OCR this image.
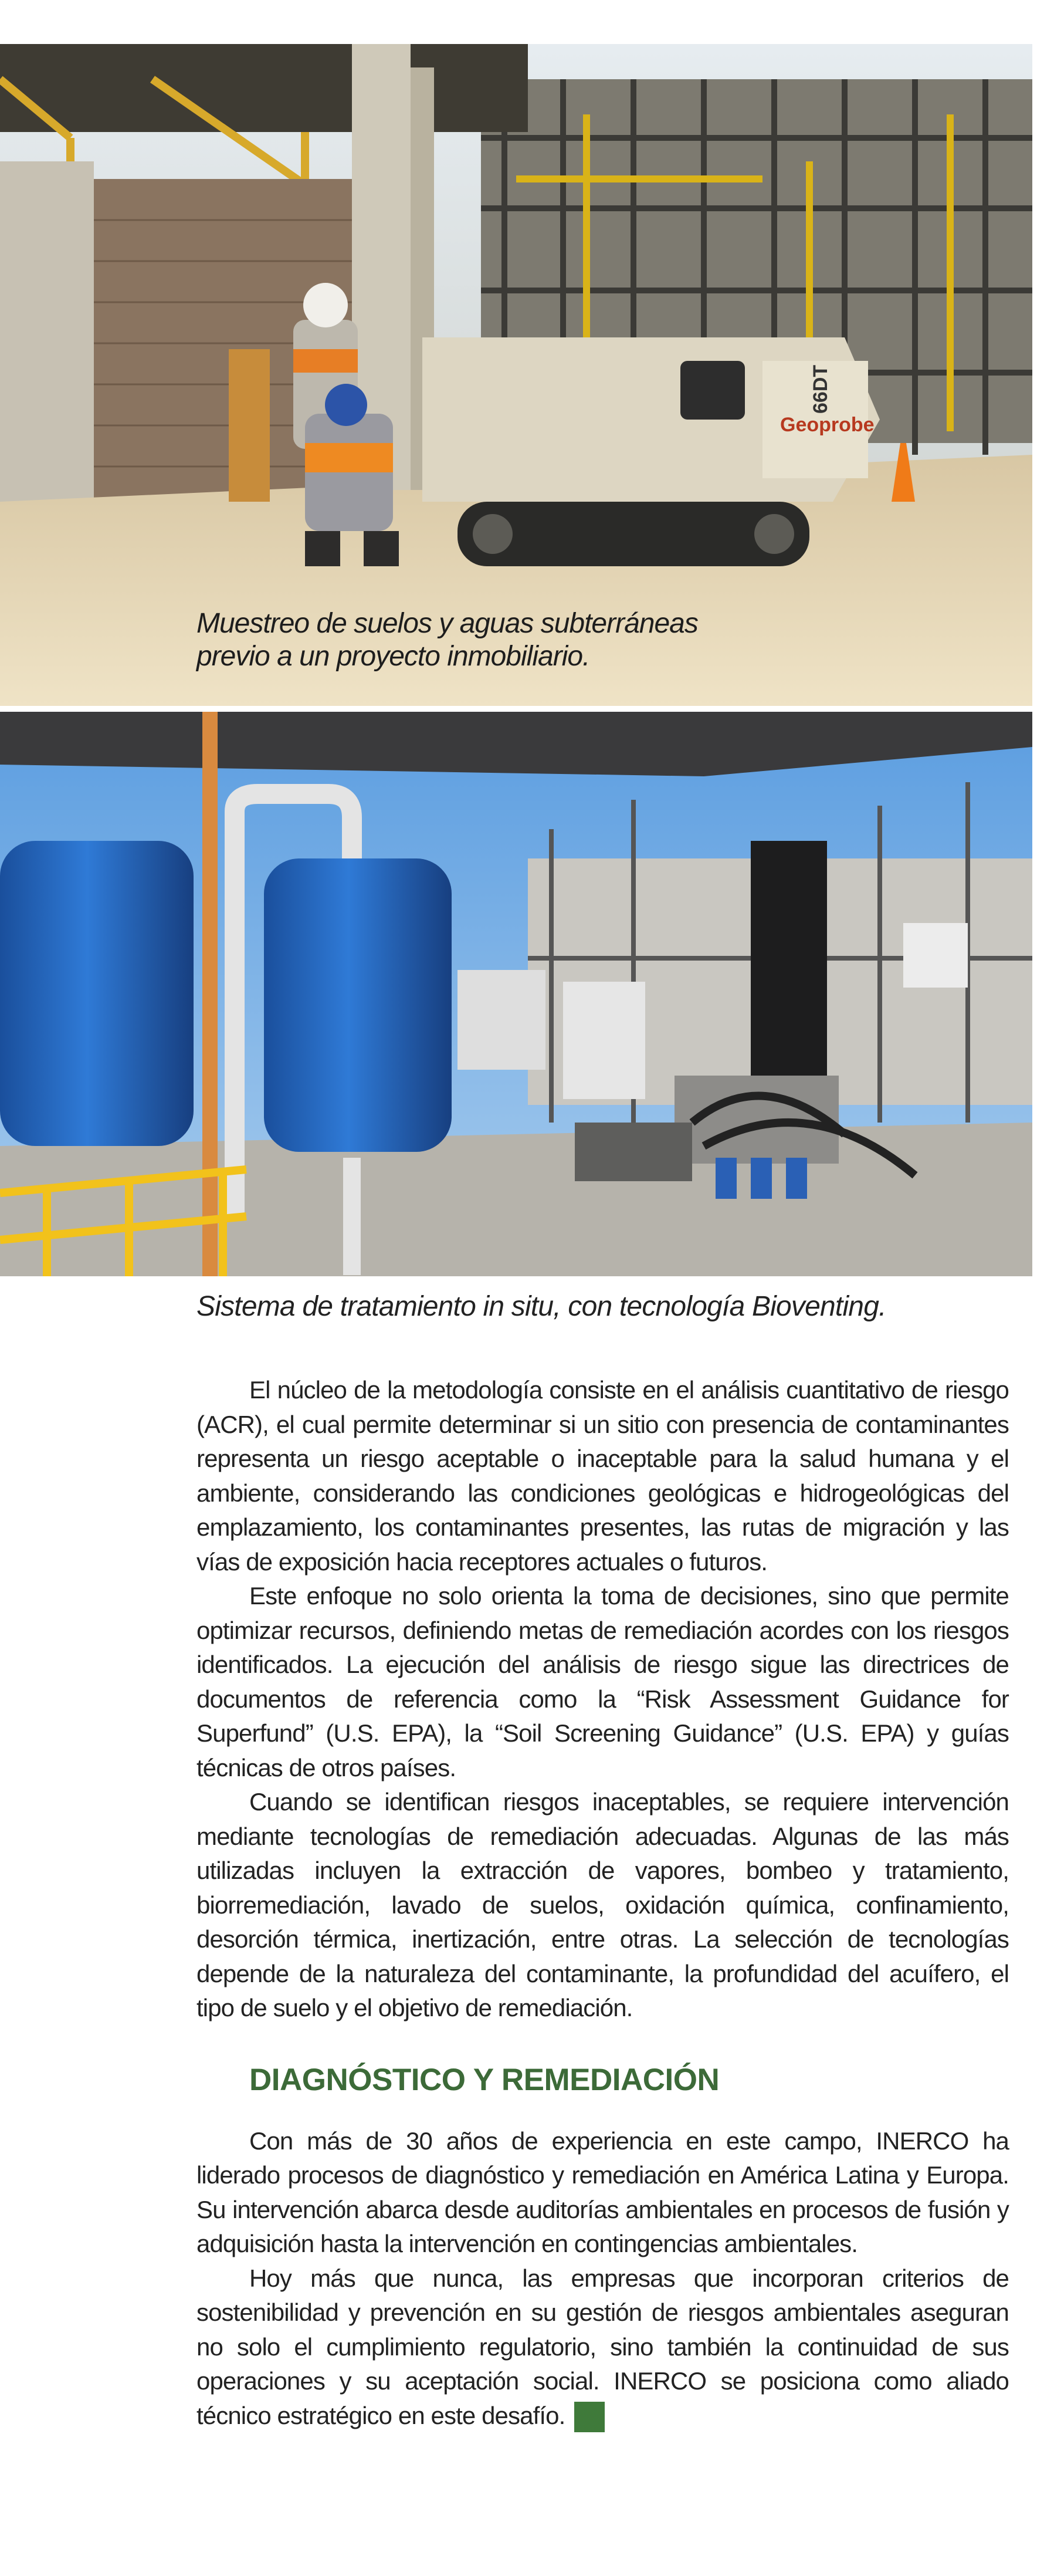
Geoprobe
66DT
Muestreo de suelos y aguas subterráneas
previo a un proyecto inmobiliario.
Sistema de tratamiento in situ, con tecnología Bioventing.

El núcleo de la metodología consiste en el análisis cuantitativo de riesgo (ACR), el cual permite determinar si un sitio con presencia de contaminantes representa un riesgo aceptable o inaceptable para la salud humana y el ambiente, considerando las condiciones geológicas e hidrogeológicas del emplazamiento, los contaminantes presentes, las rutas de migración y las vías de exposición hacia receptores actuales o futuros.

Este enfoque no solo orienta la toma de decisiones, sino que permite optimizar recursos, definiendo metas de remediación acordes con los riesgos identificados. La ejecución del análisis de riesgo sigue las directrices de documentos de referencia como la “Risk Assessment Guidance for Superfund” (U.S. EPA), la “Soil Screening Guidance” (U.S. EPA) y guías técnicas de otros países.

Cuando se identifican riesgos inaceptables, se requiere intervención mediante tecnologías de remediación adecuadas. Algunas de las más utilizadas incluyen la extracción de vapores, bombeo y tratamiento, biorremediación, lavado de suelos, oxidación química, confinamiento, desorción térmica, inertización, entre otras. La selección de tecnologías depende de la naturaleza del contaminante, la profundidad del acuífero, el tipo de suelo y el objetivo de remediación.

DIAGNÓSTICO Y REMEDIACIÓN

Con más de 30 años de experiencia en este campo, INERCO ha liderado procesos de diagnóstico y remediación en América Latina y Europa. Su intervención abarca desde auditorías ambientales en procesos de fusión y adquisición hasta la intervención en contingencias ambientales.

Hoy más que nunca, las empresas que incorporan criterios de sostenibilidad y prevención en su gestión de riesgos ambientales aseguran no solo el cumplimiento regulatorio, sino también la continuidad de sus operaciones y su aceptación social. INERCO se posiciona como aliado técnico estratégico en este desafío.	IA
